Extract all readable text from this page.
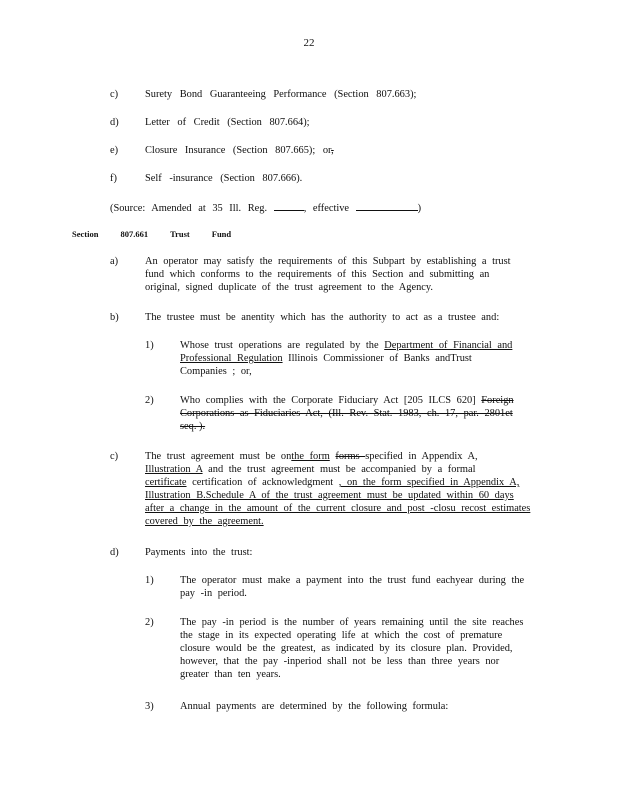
22
c)	Surety Bond Guaranteeing Performance (Section 807.663);
d)	Letter of Credit (Section 807.664);
e)	Closure Insurance (Section 807.665); or,
f)	Self -insurance (Section 807.666).
(Source: Amended at 35 Ill. Reg.	, effective	)
Section	807.661	Trust	Fund
a)	An operator may satisfy the requirements of this Subpart by establishing a trust
fund which conforms to the requirements of this Section and submitting an
original, signed duplicate of the trust agreement to the Agency.
b)	The trustee must be anentity which has the authority to act as a trustee and:
1)	Whose trust operations are regulated by the Department of Financial and
Professional Regulation Illinois Commissioner of Banks andTrust
Companies ; or,
2)	Who complies with the Corporate Fiduciary Act [205 ILCS 620] Foreign
Corporations as Fiduciaries Act, (Ill. Rev. Stat. 1983, ch. 17, par. 2801et
seq. ).
c)	The trust agreement must be onthe form forms specified in Appendix A,
Illustration A and the trust agreement must be accompanied by a formal
certificate certification of acknowledgment , on the form specified in Appendix A,
Illustration B.Schedule A of the trust agreement must be updated within 60 days
after a change in the amount of the current closure and post -closu recost estimates
covered by the agreement.
d)	Payments into the trust:
1)	The operator must make a payment into the trust fund eachyear during the
pay -in period.
2)	The pay -in period is the number of years remaining until the site reaches
the stage in its expected operating life at which the cost of premature
closure would be the greatest, as indicated by its closure plan. Provided,
however, that the pay -inperiod shall not be less than three years nor
greater than ten years.
3)	Annual payments are determined by the following formula:
